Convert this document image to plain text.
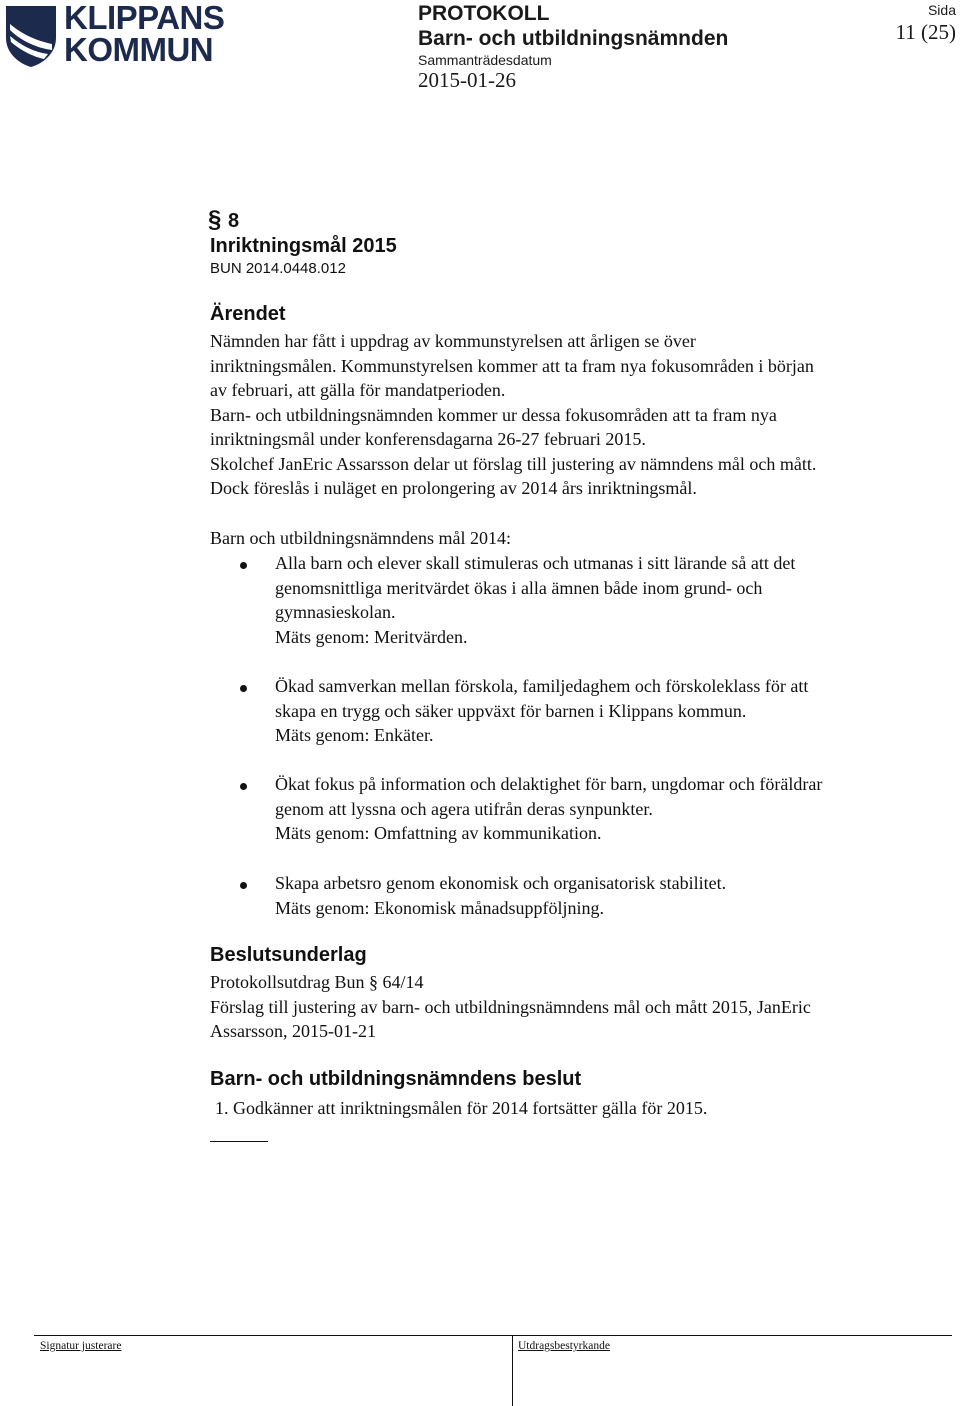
KLIPPANS
KOMMUN
PROTOKOLL
Barn- och utbildningsnämnden
Sammanträdesdatum
2015-01-26
Sida
11 (25)
§ 8
Inriktningsmål 2015
BUN 2014.0448.012
Ärendet
Nämnden har fått i uppdrag av kommunstyrelsen att årligen se över
inriktningsmålen. Kommunstyrelsen kommer att ta fram nya fokusområden i början
av februari, att gälla för mandatperioden.
Barn- och utbildningsnämnden kommer ur dessa fokusområden att ta fram nya
inriktningsmål under konferensdagarna 26-27 februari 2015.
Skolchef JanEric Assarsson delar ut förslag till justering av nämndens mål och mått.
Dock föreslås i nuläget en prolongering av 2014 års inriktningsmål.
Barn och utbildningsnämndens mål 2014:
Alla barn och elever skall stimuleras och utmanas i sitt lärande så att det
genomsnittliga meritvärdet ökas i alla ämnen både inom grund- och
gymnasieskolan.
Mäts genom: Meritvärden.
Ökad samverkan mellan förskola, familjedaghem och förskoleklass för att
skapa en trygg och säker uppväxt för barnen i Klippans kommun.
Mäts genom: Enkäter.
Ökat fokus på information och delaktighet för barn, ungdomar och föräldrar
genom att lyssna och agera utifrån deras synpunkter.
Mäts genom: Omfattning av kommunikation.
Skapa arbetsro genom ekonomisk och organisatorisk stabilitet.
Mäts genom: Ekonomisk månadsuppföljning.
Beslutsunderlag
Protokollsutdrag Bun § 64/14
Förslag till justering av barn- och utbildningsnämndens mål och mått 2015, JanEric
Assarsson, 2015-01-21
Barn- och utbildningsnämndens beslut
1. Godkänner att inriktningsmålen för 2014 fortsätter gälla för 2015.
Signatur justerare	Utdragsbestyrkande
